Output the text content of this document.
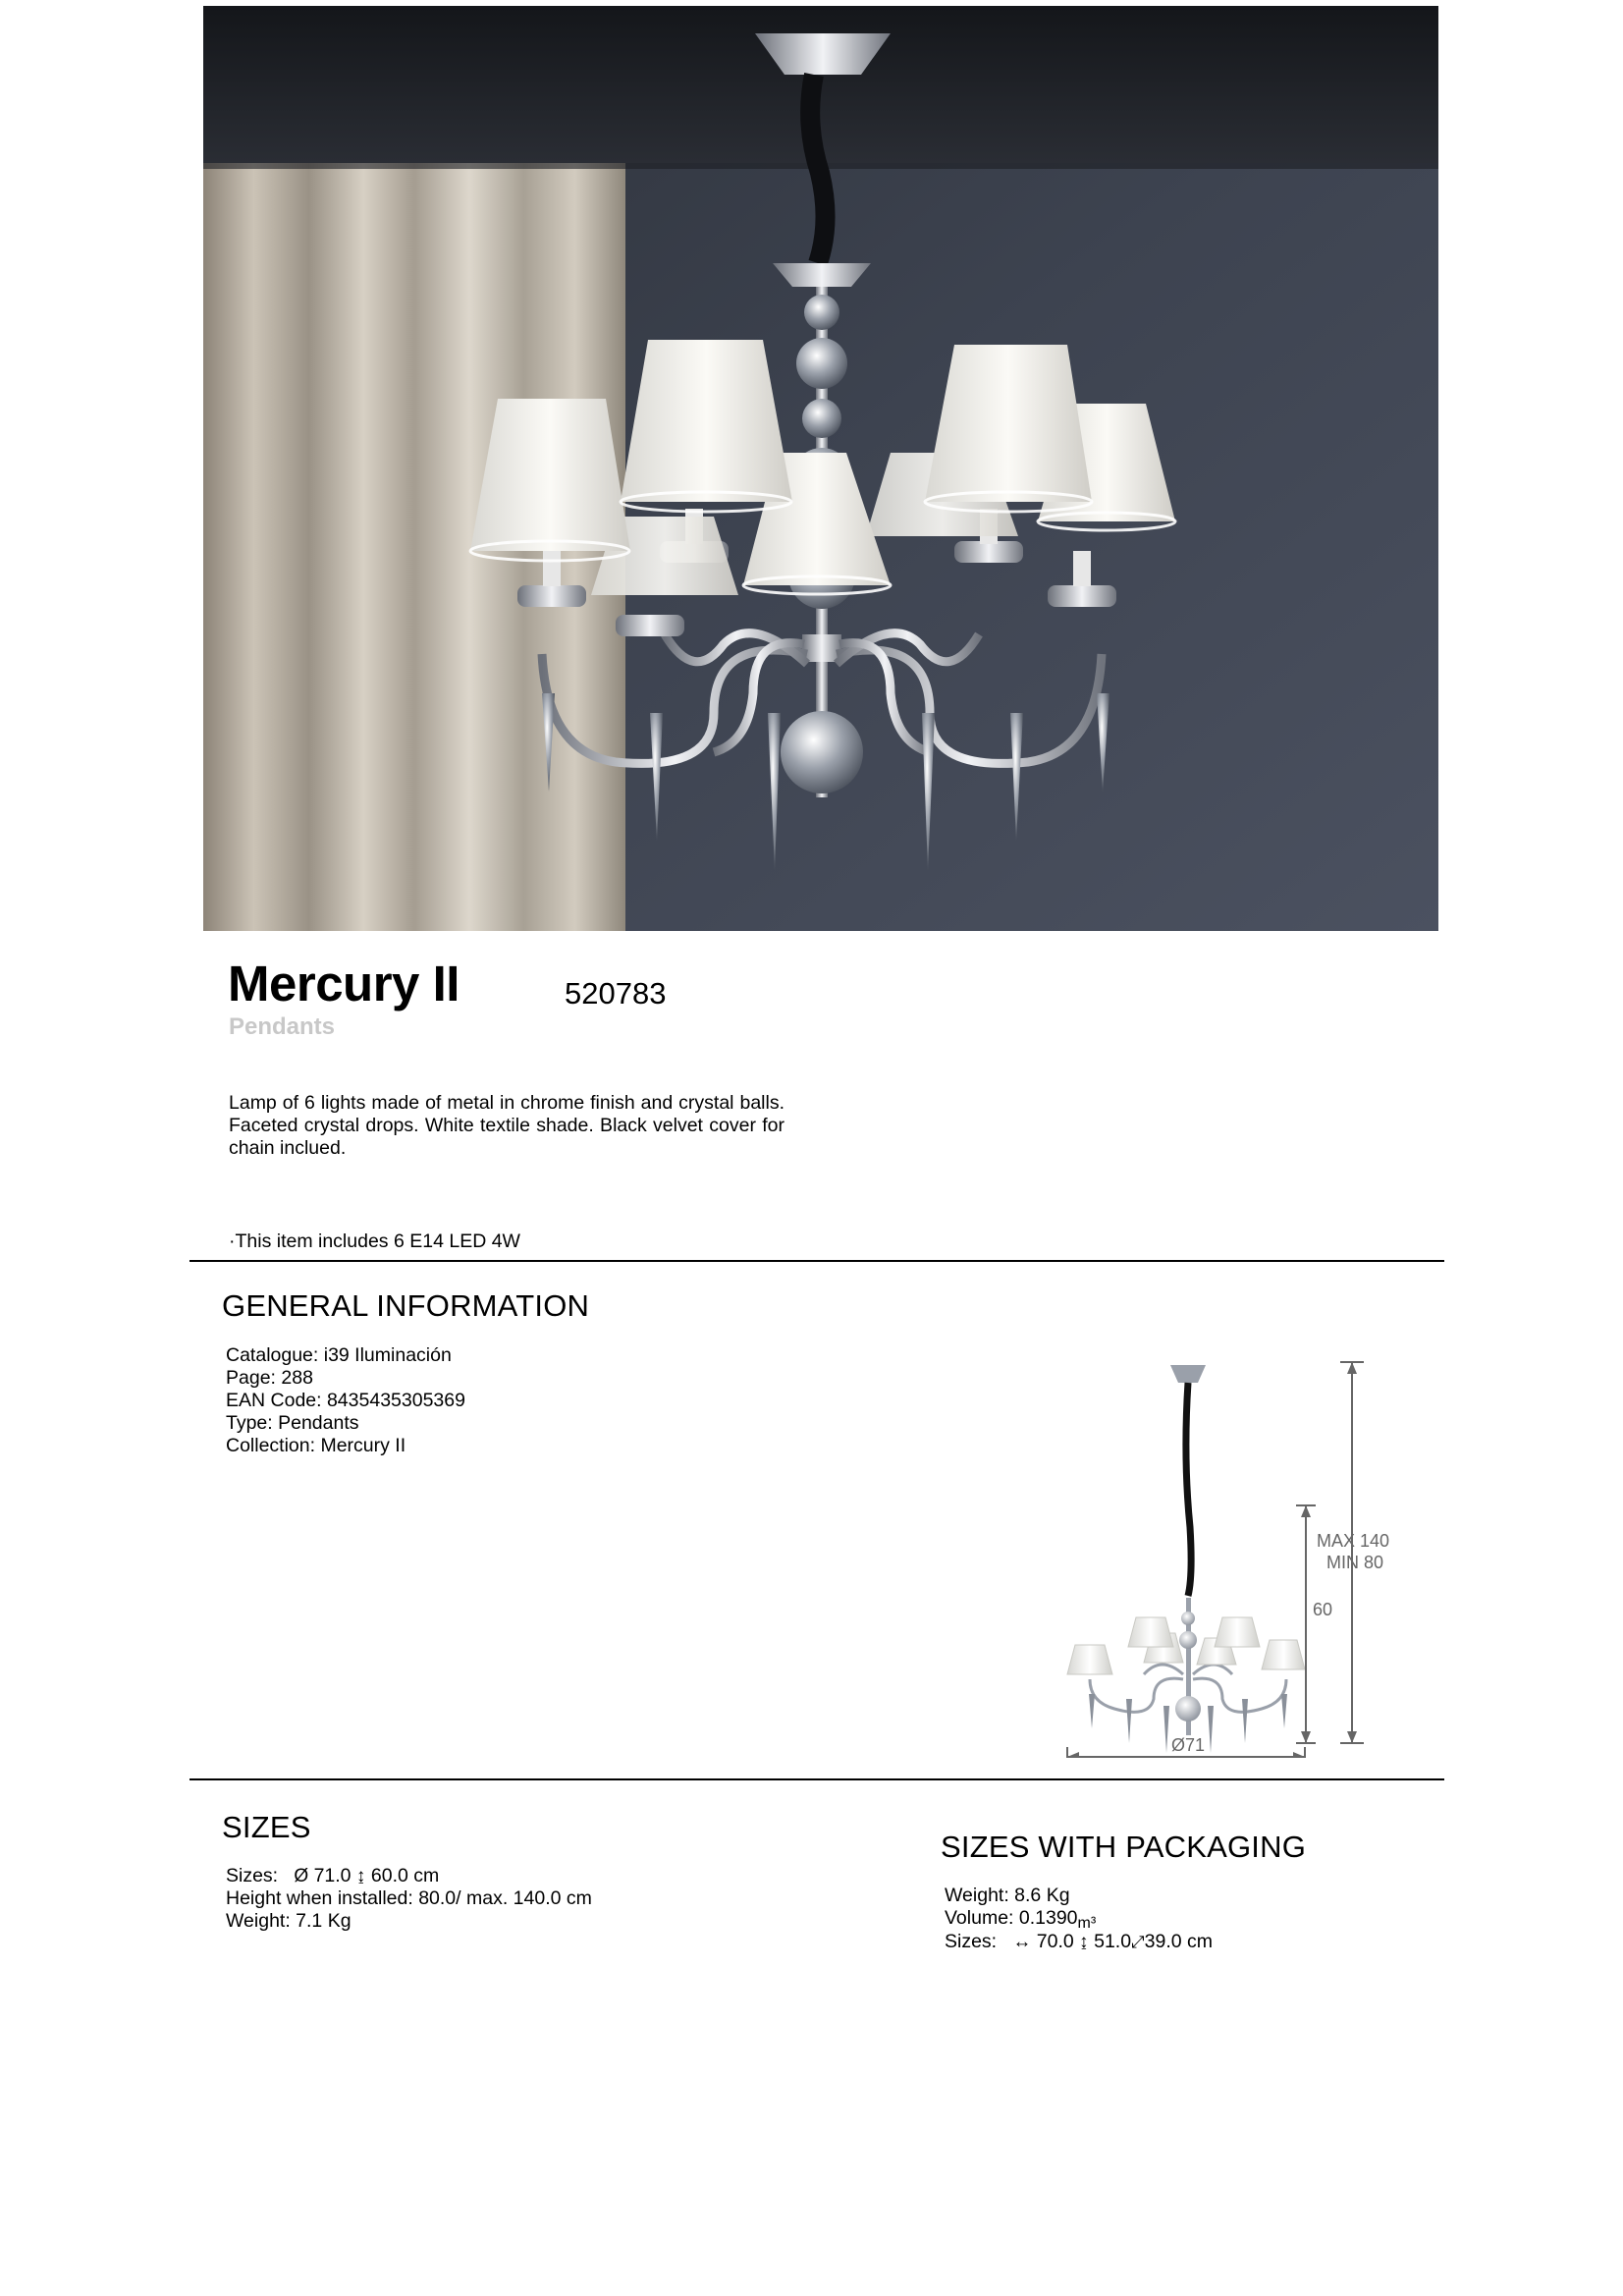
Mercury II	520783
Pendants
Lamp of 6 lights made of metal in chrome finish and crystal balls. Faceted crystal drops. White textile shade. Black velvet cover for chain inclued.
·This item includes 6 E14 LED 4W
GENERAL INFORMATION
Catalogue: i39 Iluminación
Page: 288
EAN Code: 8435435305369
Type: Pendants
Collection: Mercury II
MAX 140
MIN 80
60
Ø71
SIZES
Sizes: Ø 71.0 ↨ 60.0 cm
Height when installed: 80.0/ max. 140.0 cm
Weight: 7.1 Kg
SIZES WITH PACKAGING
Weight: 8.6 Kg
Volume: $0.1390_{m^3}$
Sizes: ↔ 70.0 ↨ 51.0⤢39.0 cm
